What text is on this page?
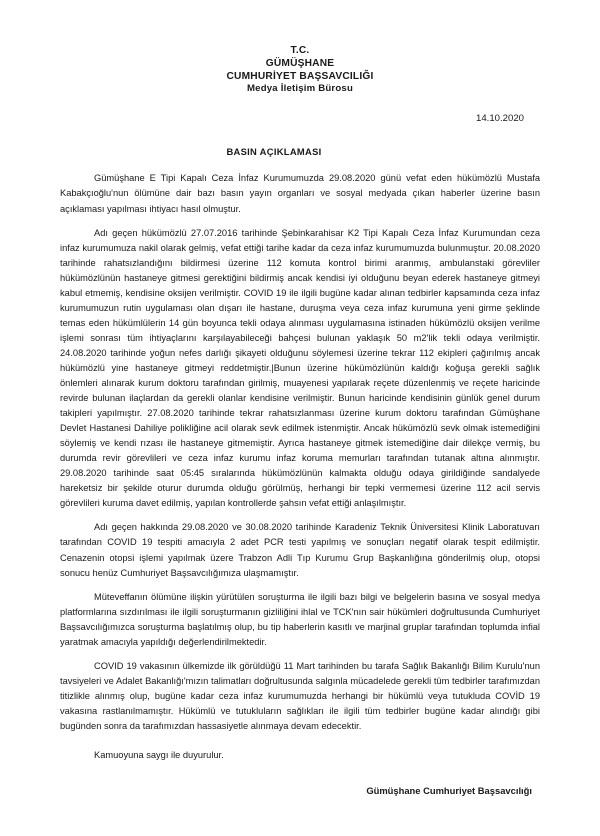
T.C.
GÜMÜŞHANE
CUMHURİYET BAŞSAVCILIĞI
Medya İletişim Bürosu
14.10.2020
BASIN AÇIKLAMASI

Gümüşhane E Tipi Kapalı Ceza İnfaz Kurumumuzda 29.08.2020 günü vefat eden hükümözlü Mustafa Kabakçıoğlu'nun ölümüne dair bazı basın yayın organları ve sosyal medyada çıkan haberler üzerine basın açıklaması yapılması ihtiyacı hasıl olmuştur.

Adı geçen hükümözlü 27.07.2016 tarihinde Şebinkarahisar K2 Tipi Kapalı Ceza İnfaz Kurumundan ceza infaz kurumumuza nakil olarak gelmiş, vefat ettiği tarihe kadar da ceza infaz kurumumuzda bulunmuştur. 20.08.2020 tarihinde rahatsızlandığını bildirmesi üzerine 112 komuta kontrol birimi aranmış, ambulanstaki görevliler hükümözlünün hastaneye gitmesi gerektiğini bildirmiş ancak kendisi iyi olduğunu beyan ederek hastaneye gitmeyi kabul etmemiş, kendisine oksijen verilmiştir. COVID 19 ile ilgili bugüne kadar alınan tedbirler kapsamında ceza infaz kurumumuzun rutin uygulaması olan dışarı ile hastane, duruşma veya ceza infaz kurumuna yeni girme şeklinde temas eden hükümlülerin 14 gün boyunca tekli odaya alınması uygulamasına istinaden hükümözlü oksijen verilme işlemi sonrası tüm ihtiyaçlarını karşılayabileceği bahçesi bulunan yaklaşık 50 m2'lik tekli odaya verilmiştir. 24.08.2020 tarihinde yoğun nefes darlığı şikayeti olduğunu söylemesi üzerine tekrar 112 ekipleri çağırılmış ancak hükümözlü yine hastaneye gitmeyi reddetmiştir.|Bunun üzerine hükümözlünün kaldığı koğuşa gerekli sağlık önlemleri alınarak kurum doktoru tarafından girilmiş, muayenesi yapılarak reçete düzenlenmiş ve reçete haricinde revirde bulunan ilaçlardan da gerekli olanlar kendisine verilmiştir. Bunun haricinde kendisinin günlük genel durum takipleri yapılmıştır. 27.08.2020 tarihinde tekrar rahatsızlanması üzerine kurum doktoru tarafından Gümüşhane Devlet Hastanesi Dahiliye polikliğine acil olarak sevk edilmek istenmiştir. Ancak hükümözlü sevk olmak istemediğini söylemiş ve kendi rızası ile hastaneye gitmemiştir. Ayrıca hastaneye gitmek istemediğine dair dilekçe vermiş, bu durumda revir görevlileri ve ceza infaz kurumu infaz koruma memurları tarafından tutanak altına alınmıştır. 29.08.2020 tarihinde saat 05:45 sıralarında hükümözlünün kalmakta olduğu odaya girildiğinde sandalyede hareketsiz bir şekilde oturur durumda olduğu görülmüş, herhangi bir tepki vermemesi üzerine 112 acil servis görevlileri kuruma davet edilmiş, yapılan kontrollerde şahsın vefat ettiği anlaşılmıştır.

Adı geçen hakkında 29.08.2020 ve 30.08.2020 tarihinde Karadeniz Teknik Üniversitesi Klinik Laboratuvarı tarafından COVID 19 tespiti amacıyla 2 adet PCR testi yapılmış ve sonuçları negatif olarak tespit edilmiştir. Cenazenin otopsi işlemi yapılmak üzere Trabzon Adli Tıp Kurumu Grup Başkanlığına gönderilmiş olup, otopsi sonucu henüz Cumhuriyet Başsavcılığımıza ulaşmamıştır.

Müteveffanın ölümüne ilişkin yürütülen soruşturma ile ilgili bazı bilgi ve belgelerin basına ve sosyal medya platformlarına sızdırılması ile ilgili soruşturmanın gizliliğini ihlal ve TCK'nın sair hükümleri doğrultusunda Cumhuriyet Başsavcılığımızca soruşturma başlatılmış olup, bu tip haberlerin kasıtlı ve marjinal gruplar tarafından toplumda infial yaratmak amacıyla yapıldığı değerlendirilmektedir.

COVID 19 vakasının ülkemizde ilk görüldüğü 11 Mart tarihinden bu tarafa Sağlık Bakanlığı Bilim Kurulu'nun tavsiyeleri ve Adalet Bakanlığı'mızın talimatları doğrultusunda salgınla mücadelede gerekli tüm tedbirler tarafımızdan titizlikle alınmış olup, bugüne kadar ceza infaz kurumumuzda herhangi bir hükümlü veya tutukluda COVİD 19 vakasına rastlanılmamıştır. Hükümlü ve tutukluların sağlıkları ile ilgili tüm tedbirler bugüne kadar alındığı gibi bugünden sonra da tarafımızdan hassasiyetle alınmaya devam edecektir.

Kamuoyuna saygı ile duyurulur.
Gümüşhane Cumhuriyet Başsavcılığı
